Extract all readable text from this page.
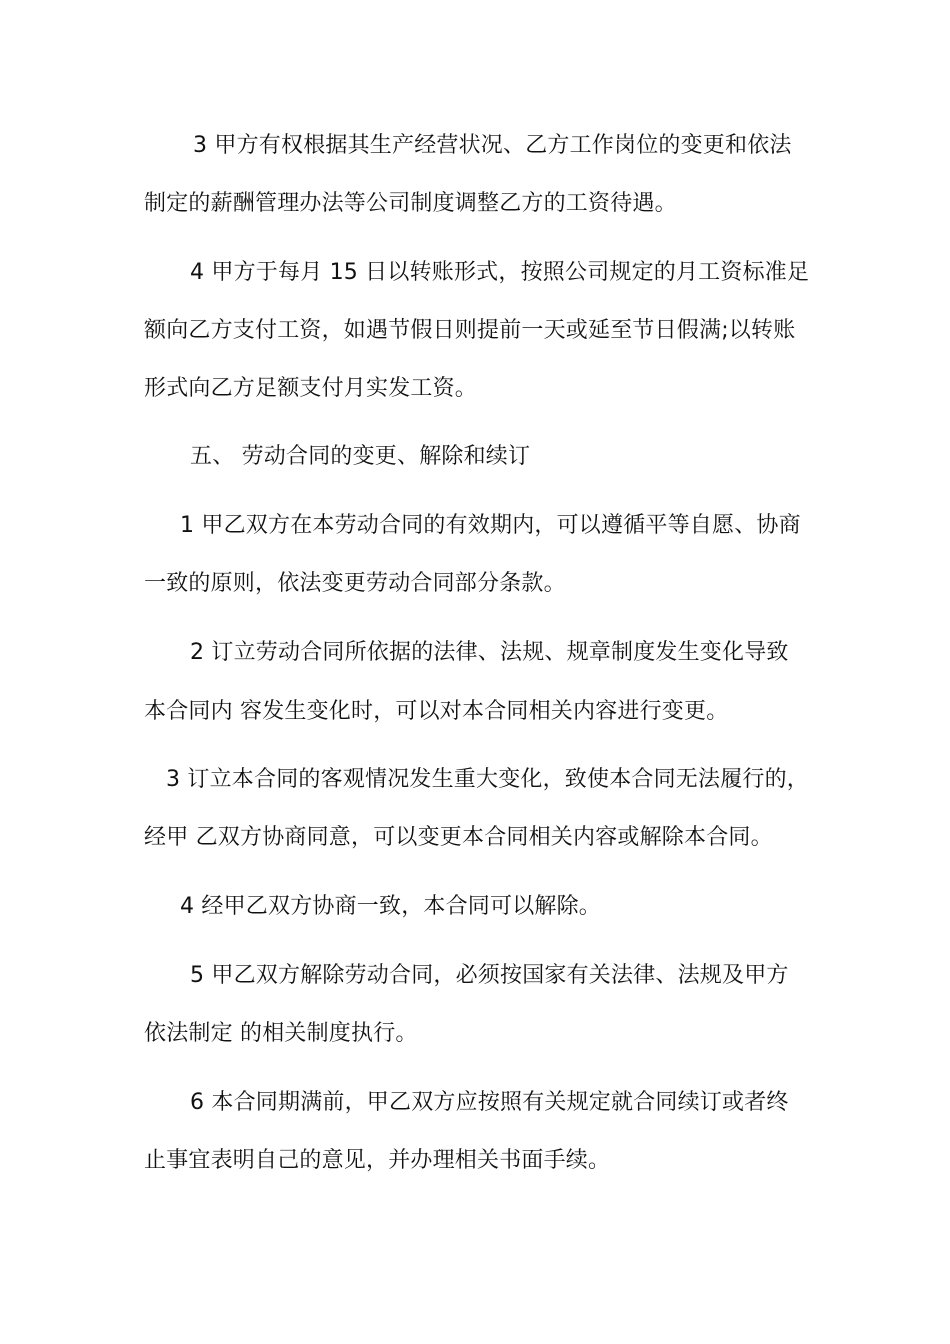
3 甲方有权根据其生产经营状况、乙方工作岗位的变更和依法
制定的薪酬管理办法等公司制度调整乙方的工资待遇。
4 甲方于每月 15 日以转账形式，按照公司规定的月工资标准足
额向乙方支付工资，如遇节假日则提前一天或延至节日假满;以转账
形式向乙方足额支付月实发工资。
五、 劳动合同的变更、解除和续订
1 甲乙双方在本劳动合同的有效期内，可以遵循平等自愿、协商
一致的原则，依法变更劳动合同部分条款。
2 订立劳动合同所依据的法律、法规、规章制度发生变化导致
本合同内 容发生变化时，可以对本合同相关内容进行变更。
3 订立本合同的客观情况发生重大变化，致使本合同无法履行的，
经甲 乙双方协商同意，可以变更本合同相关内容或解除本合同。
4 经甲乙双方协商一致，本合同可以解除。
5 甲乙双方解除劳动合同，必须按国家有关法律、法规及甲方
依法制定 的相关制度执行。
6 本合同期满前，甲乙双方应按照有关规定就合同续订或者终
止事宜表明自己的意见，并办理相关书面手续。
